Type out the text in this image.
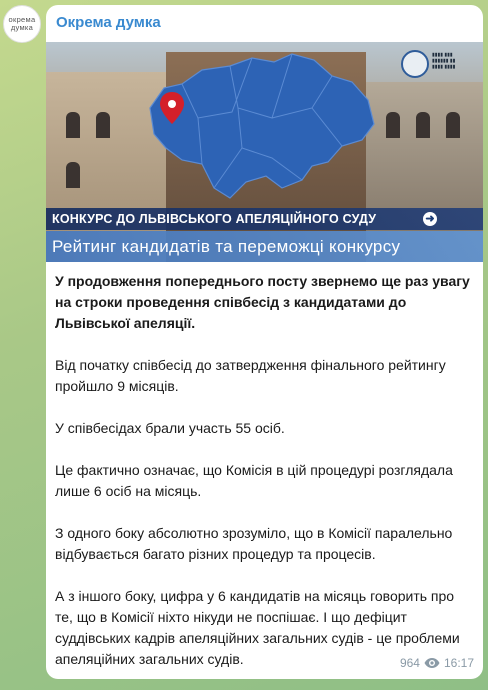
окрема
думка Окрема думка
▮▮▮▮ ▮▮▮
▮▮▮▮▮▮ ▮▮
▮▮▮▮ ▮▮▮▮
КОНКУРС ДО ЛЬВІВСЬКОГО АПЕЛЯЦІЙНОГО СУДУ	➜
Рейтинг кандидатів та переможці конкурсу

У продовження попереднього посту звернемо ще раз увагу на строки проведення співбесід з кандидатами до Львівської апеляції.

Від початку співбесід до затвердження фінального рейтингу пройшло 9 місяців.

У співбесідах брали участь 55 осіб.

Це фактично означає, що Комісія в цій процедурі розглядала лише 6 осіб на місяць.

З одного боку абсолютно зрозуміло, що в Комісії паралельно відбувається багато різних процедур та процесів.

А з іншого боку, цифра у 6 кандидатів на місяць говорить про те, що в Комісії ніхто нікуди не поспішає. І що дефіцит суддівських кадрів апеляційних загальних судів - це проблеми апеляційних загальних судів.	964 16:17
